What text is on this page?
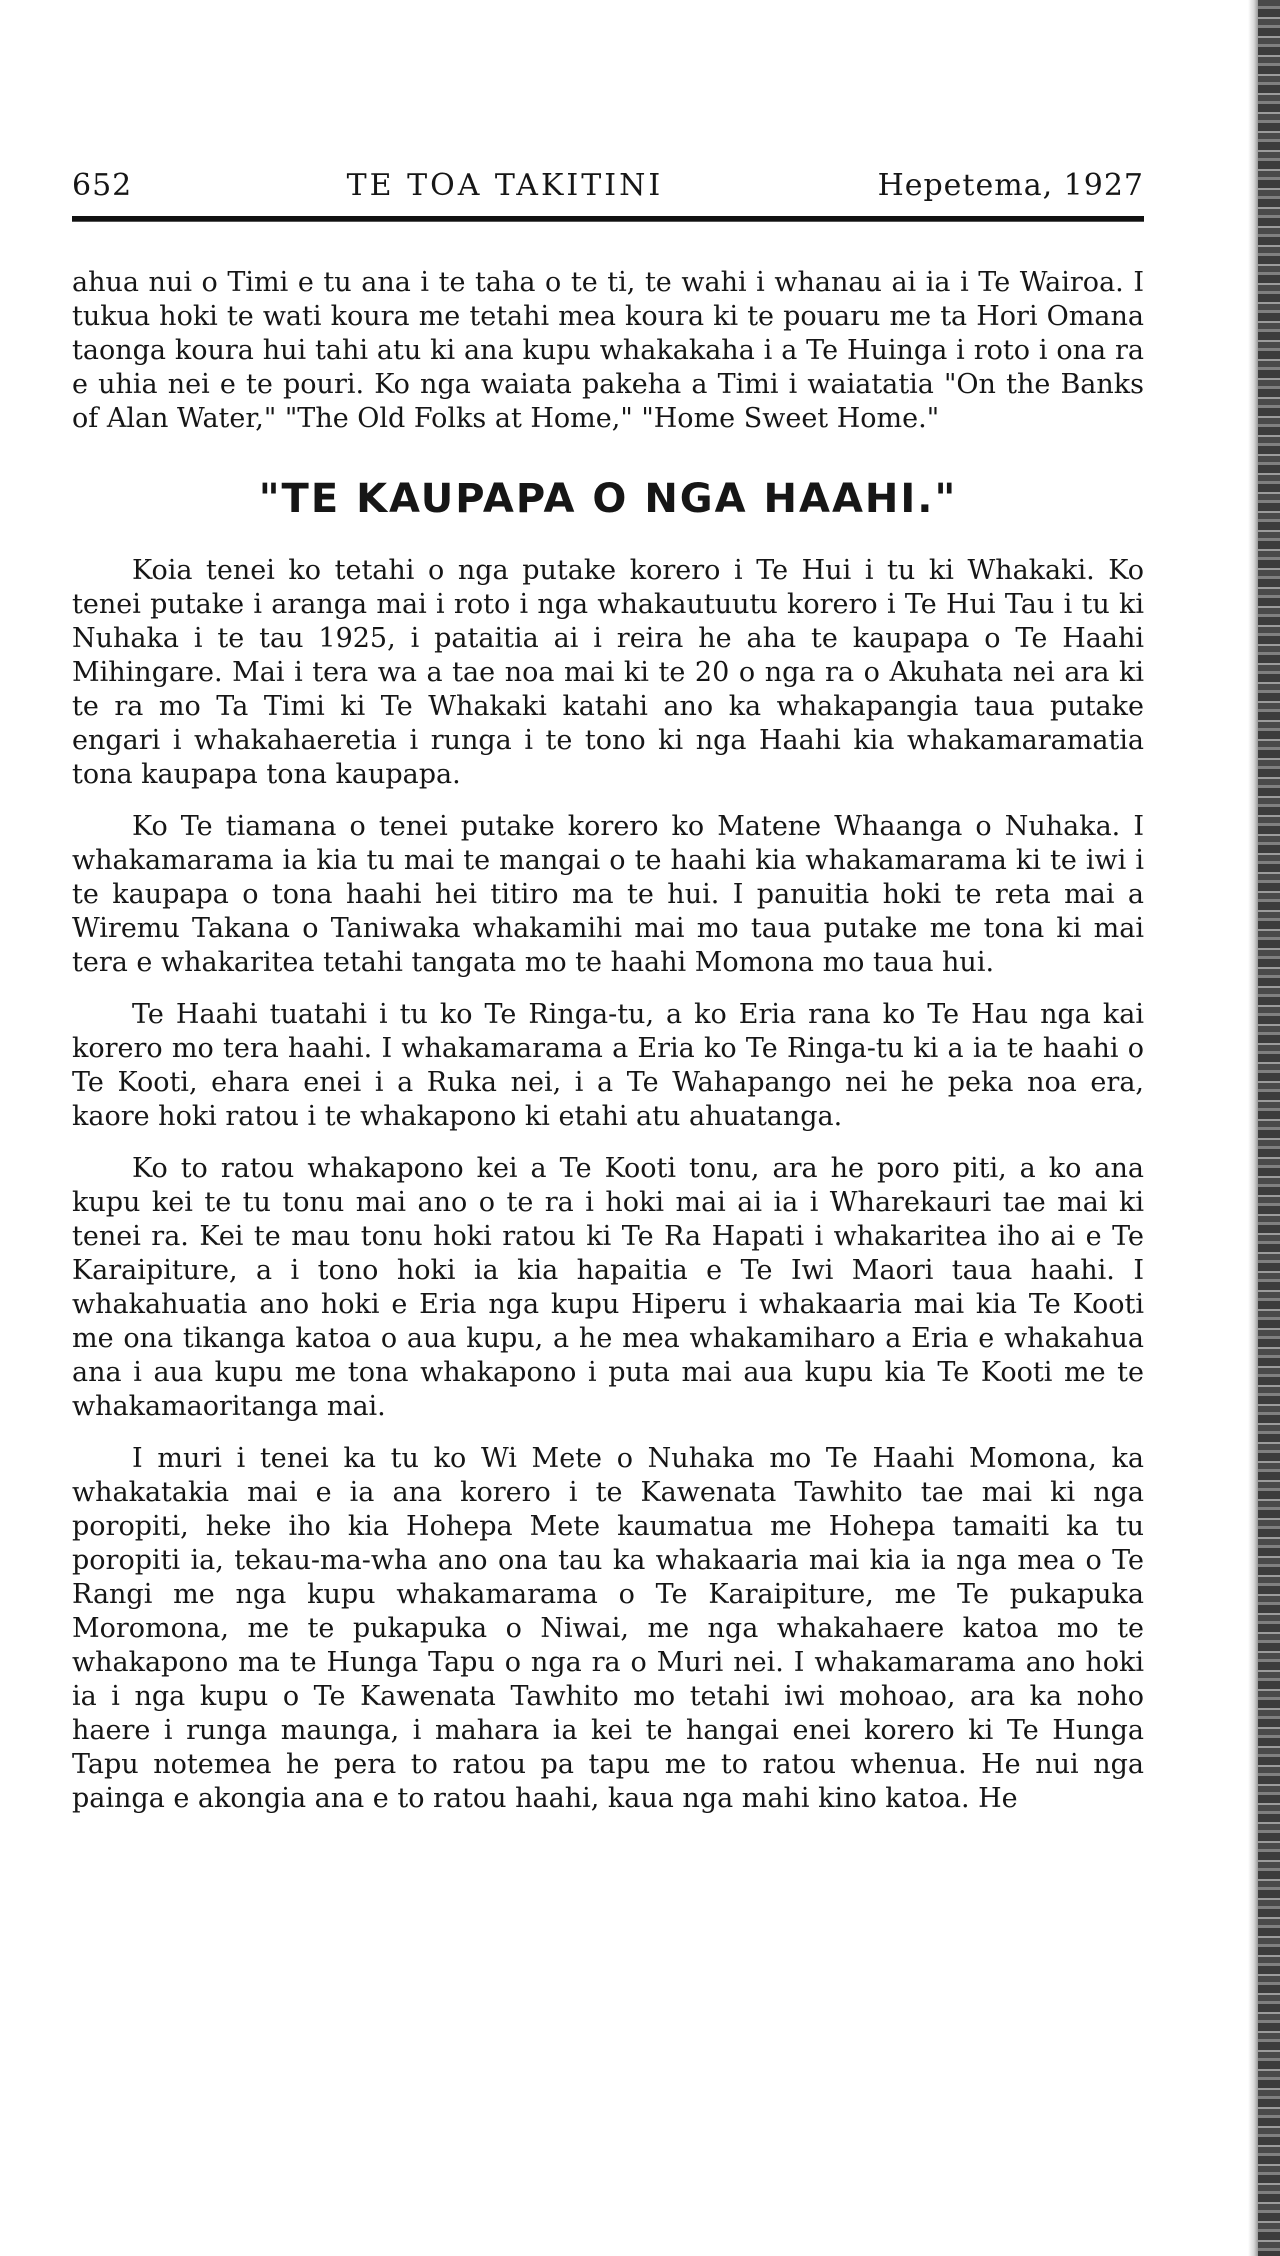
652	TE TOA TAKITINI	Hepetema, 1927

ahua nui o Timi e tu ana i te taha o te ti, te wahi i whanau ai ia i Te Wairoa. I tukua hoki te wati koura me tetahi mea koura ki te pouaru me ta Hori Omana taonga koura hui tahi atu ki ana kupu whakakaha i a Te Huinga i roto i ona ra e uhia nei e te pouri. Ko nga waiata pakeha a Timi i waiatatia "On the Banks of Alan Water," "The Old Folks at Home," "Home Sweet Home."

"TE KAUPAPA O NGA HAAHI."

Koia tenei ko tetahi o nga putake korero i Te Hui i tu ki Whakaki. Ko tenei putake i aranga mai i roto i nga whakautuutu korero i Te Hui Tau i tu ki Nuhaka i te tau 1925, i pataitia ai i reira he aha te kaupapa o Te Haahi Mihingare. Mai i tera wa a tae noa mai ki te 20 o nga ra o Akuhata nei ara ki te ra mo Ta Timi ki Te Whakaki katahi ano ka whakapangia taua putake engari i whakahaeretia i runga i te tono ki nga Haahi kia whakamaramatia tona kaupapa tona kaupapa.

Ko Te tiamana o tenei putake korero ko Matene Whaanga o Nuhaka. I whakamarama ia kia tu mai te mangai o te haahi kia whakamarama ki te iwi i te kaupapa o tona haahi hei titiro ma te hui. I panuitia hoki te reta mai a Wiremu Takana o Taniwaka whakamihi mai mo taua putake me tona ki mai tera e whakaritea tetahi tangata mo te haahi Momona mo taua hui.

Te Haahi tuatahi i tu ko Te Ringa-tu, a ko Eria rana ko Te Hau nga kai korero mo tera haahi. I whakamarama a Eria ko Te Ringa-tu ki a ia te haahi o Te Kooti, ehara enei i a Ruka nei, i a Te Wahapango nei he peka noa era, kaore hoki ratou i te whakapono ki etahi atu ahuatanga.

Ko to ratou whakapono kei a Te Kooti tonu, ara he poro piti, a ko ana kupu kei te tu tonu mai ano o te ra i hoki mai ai ia i Wharekauri tae mai ki tenei ra. Kei te mau tonu hoki ratou ki Te Ra Hapati i whakaritea iho ai e Te Karaipiture, a i tono hoki ia kia hapaitia e Te Iwi Maori taua haahi. I whakahuatia ano hoki e Eria nga kupu Hiperu i whakaaria mai kia Te Kooti me ona tikanga katoa o aua kupu, a he mea whakamiharo a Eria e whakahua ana i aua kupu me tona whakapono i puta mai aua kupu kia Te Kooti me te whakamaoritanga mai.

I muri i tenei ka tu ko Wi Mete o Nuhaka mo Te Haahi Momona, ka whakatakia mai e ia ana korero i te Kawenata Tawhito tae mai ki nga poropiti, heke iho kia Hohepa Mete kaumatua me Hohepa tamaiti ka tu poropiti ia, tekau-ma-wha ano ona tau ka whakaaria mai kia ia nga mea o Te Rangi me nga kupu whakamarama o Te Karaipiture, me Te pukapuka Moromona, me te pukapuka o Niwai, me nga whakahaere katoa mo te whakapono ma te Hunga Tapu o nga ra o Muri nei. I whakamarama ano hoki ia i nga kupu o Te Kawenata Tawhito mo tetahi iwi mohoao, ara ka noho haere i runga maunga, i mahara ia kei te hangai enei korero ki Te Hunga Tapu notemea he pera to ratou pa tapu me to ratou whenua. He nui nga painga e akongia ana e to ratou haahi, kaua nga mahi kino katoa. He
